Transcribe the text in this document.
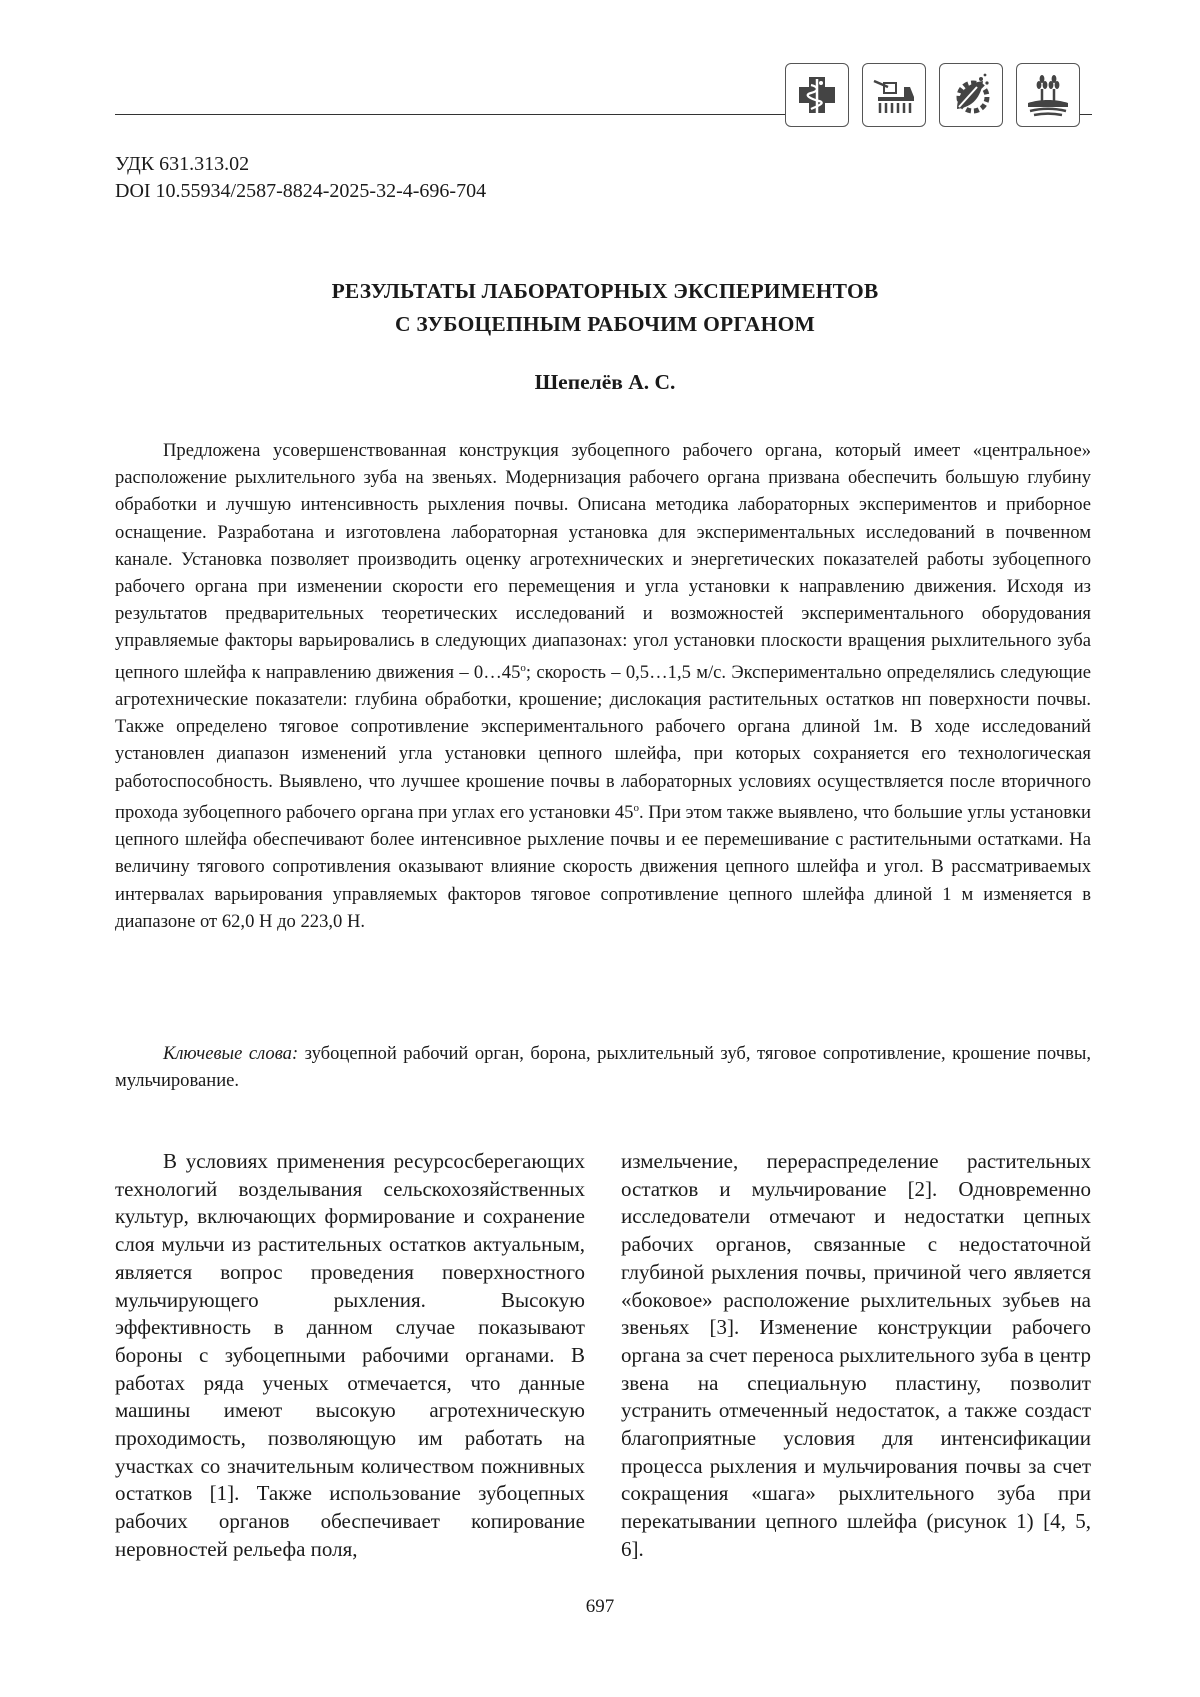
УДК 631.313.02
DOI 10.55934/2587-8824-2025-32-4-696-704
РЕЗУЛЬТАТЫ ЛАБОРАТОРНЫХ ЭКСПЕРИМЕНТОВ
С ЗУБОЦЕПНЫМ РАБОЧИМ ОРГАНОМ
Шепелёв А. С.
Предложена усовершенствованная конструкция зубоцепного рабочего органа, который имеет «центральное» расположение рыхлительного зуба на звеньях. Модернизация рабочего органа призвана обеспечить большую глубину обработки и лучшую интенсивность рыхления почвы. Описана методика лабораторных экспериментов и приборное оснащение. Разработана и изготовлена лабораторная установка для экспериментальных исследований в почвенном канале. Установка позволяет производить оценку агротехнических и энергетических показателей работы зубоцепного рабочего органа при изменении скорости его перемещения и угла установки к направлению движения. Исходя из результатов предварительных теоретических исследований и возможностей экспериментального оборудования управляемые факторы варьировались в следующих диапазонах: угол установки плоскости вращения рыхлительного зуба цепного шлейфа к направлению движения – $0\dots 45^о$; скорость – 0,5…1,5 м/с. Экспериментально определялись следующие агротехнические показатели: глубина обработки, крошение; дислокация растительных остатков нп поверхности почвы. Также определено тяговое сопротивление экспериментального рабочего органа длиной 1м. В ходе исследований установлен диапазон изменений угла установки цепного шлейфа, при которых сохраняется его технологическая работоспособность. Выявлено, что лучшее крошение почвы в лабораторных условиях осуществляется после вторичного прохода зубоцепного рабочего органа при углах его установки $45^о$. При этом также выявлено, что большие углы установки цепного шлейфа обеспечивают более интенсивное рыхление почвы и ее перемешивание с растительными остатками. На величину тягового сопротивления оказывают влияние скорость движения цепного шлейфа и угол. В рассматриваемых интервалах варьирования управляемых факторов тяговое сопротивление цепного шлейфа длиной 1 м изменяется в диапазоне от 62,0 Н до 223,0 Н.
Ключевые слова: зубоцепной рабочий орган, борона, рыхлительный зуб, тяговое сопротивление, крошение почвы, мульчирование.
В условиях применения ресурсосберегающих технологий возделывания сельскохозяйственных культур, включающих формирование и сохранение слоя мульчи из растительных остатков актуальным, является вопрос проведения поверхностного мульчирующего рыхления. Высокую эффективность в данном случае показывают бороны с зубоцепными рабочими органами. В работах ряда ученых отмечается, что данные машины имеют высокую агротехническую проходимость, позволяющую им работать на участках со значительным количеством пожнивных остатков [1]. Также использование зубоцепных рабочих органов обеспечивает копирование неровностей рельефа поля,
измельчение, перераспределение растительных остатков и мульчирование [2]. Одновременно исследователи отмечают и недостатки цепных рабочих органов, связанные с недостаточной глубиной рыхления почвы, причиной чего является «боковое» расположение рыхлительных зубьев на звеньях [3]. Изменение конструкции рабочего органа за счет переноса рыхлительного зуба в центр звена на специальную пластину, позволит устранить отмеченный недостаток, а также создаст благоприятные условия для интенсификации процесса рыхления и мульчирования почвы за счет сокращения «шага» рыхлительного зуба при перекатывании цепного шлейфа (рисунок 1) [4, 5, 6].
697
